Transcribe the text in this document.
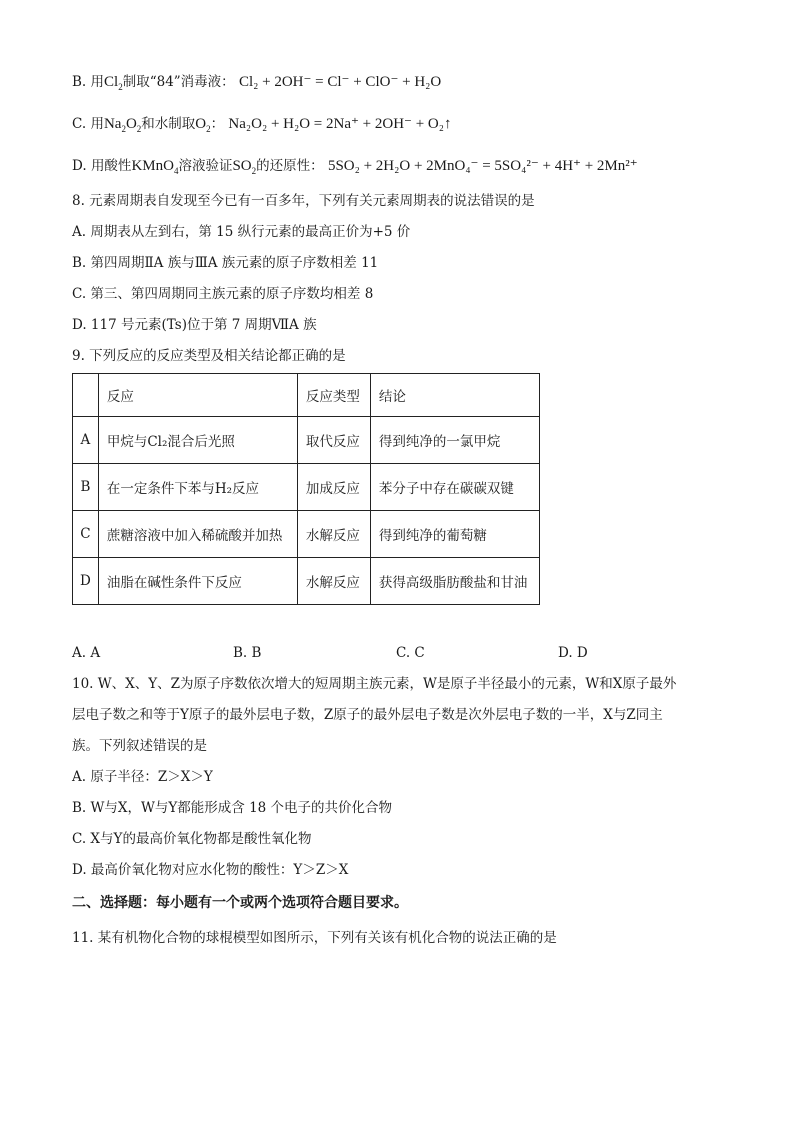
B. 用$Cl_2$制取“84”消毒液： Cl₂ + 2OH⁻ = Cl⁻ + ClO⁻ + H₂O
C. 用$Na_2O_2$和水制取$O_2$： Na₂O₂ + H₂O = 2Na⁺ + 2OH⁻ + O₂↑
D. 用酸性KMnO$_4$溶液验证$SO_2$的还原性： 5SO₂ + 2H₂O + 2MnO₄⁻ = 5SO₄²⁻ + 4H⁺ + 2Mn²⁺
8. 元素周期表自发现至今已有一百多年，下列有关元素周期表的说法错误的是
A. 周期表从左到右，第 15 纵行元素的最高正价为+5 价
B. 第四周期ⅡA 族与ⅢA 族元素的原子序数相差 11
C. 第三、第四周期同主族元素的原子序数均相差 8
D. 117 号元素(Ts)位于第 7 周期ⅦA 族
9. 下列反应的反应类型及相关结论都正确的是
	反应	反应类型	结论
A	甲烷与Cl₂混合后光照	取代反应	得到纯净的一氯甲烷
B	在一定条件下苯与H₂反应	加成反应	苯分子中存在碳碳双键
C	蔗糖溶液中加入稀硫酸并加热	水解反应	得到纯净的葡萄糖
D	油脂在碱性条件下反应	水解反应	获得高级脂肪酸盐和甘油
A. A	B. B	C. C	D. D
10. W、X、Y、Z为原子序数依次增大的短周期主族元素，W是原子半径最小的元素，W和X原子最外
层电子数之和等于Y原子的最外层电子数，Z原子的最外层电子数是次外层电子数的一半，X与Z同主
族。下列叙述错误的是
A. 原子半径：Z＞X＞Y
B. W与X，W与Y都能形成含 18 个电子的共价化合物
C. X与Y的最高价氧化物都是酸性氧化物
D. 最高价氧化物对应水化物的酸性：Y＞Z＞X
二、选择题：每小题有一个或两个选项符合题目要求。
11. 某有机物化合物的球棍模型如图所示，下列有关该有机化合物的说法正确的是
